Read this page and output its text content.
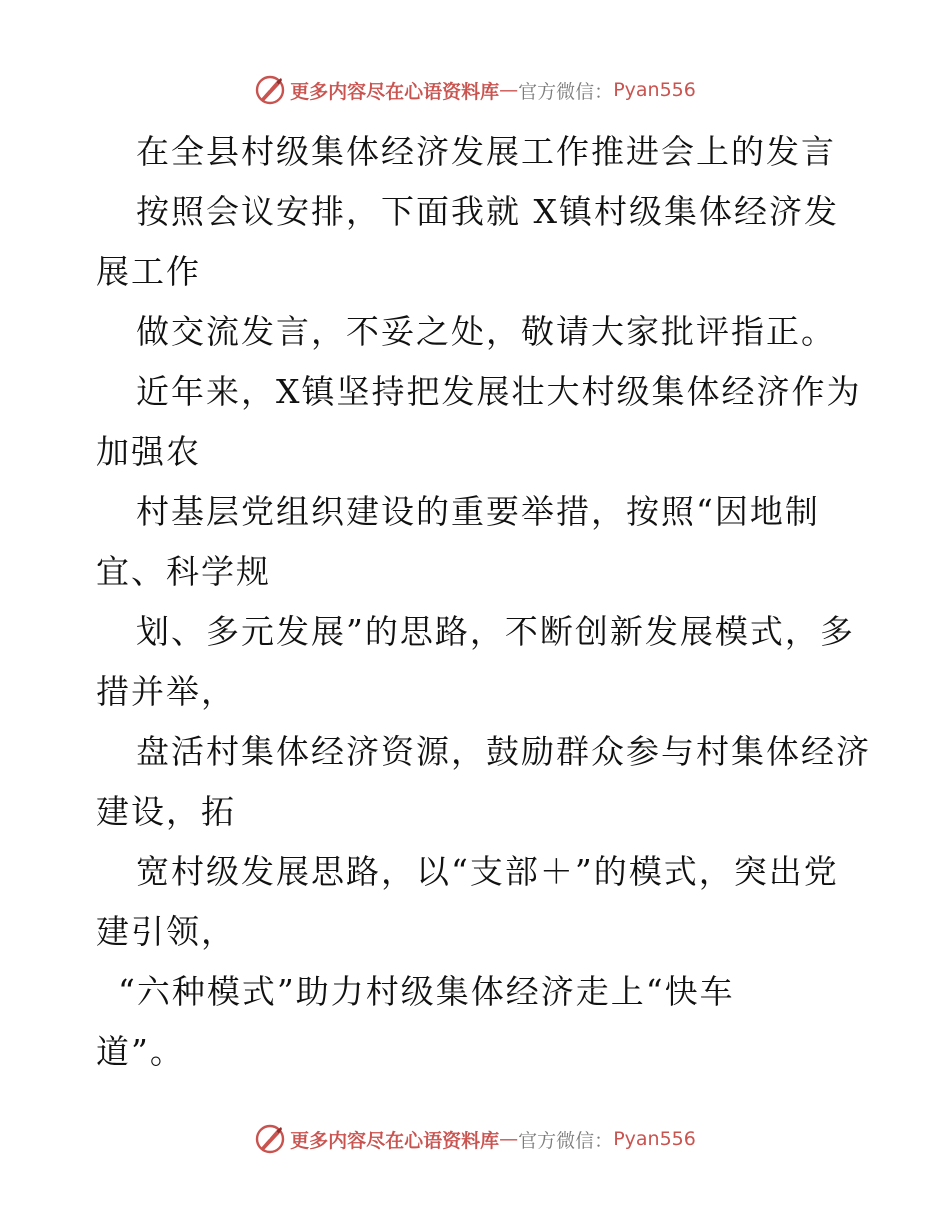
更多内容尽在心语资料库 — 官方微信： Pyan556
在全县村级集体经济发展工作推进会上的发言
按照会议安排，下面我就 X镇村级集体经济发
展工作
做交流发言，不妥之处，敬请大家批评指正。
近年来，X镇坚持把发展壮大村级集体经济作为
加强农
村基层党组织建设的重要举措，按照“因地制
宜、科学规
划、多元发展”的思路，不断创新发展模式，多
措并举，
盘活村集体经济资源，鼓励群众参与村集体经济
建设，拓
宽村级发展思路，以“支部＋”的模式，突出党
建引领，
“六种模式”助力村级集体经济走上“快车
道”。
更多内容尽在心语资料库 — 官方微信： Pyan556
